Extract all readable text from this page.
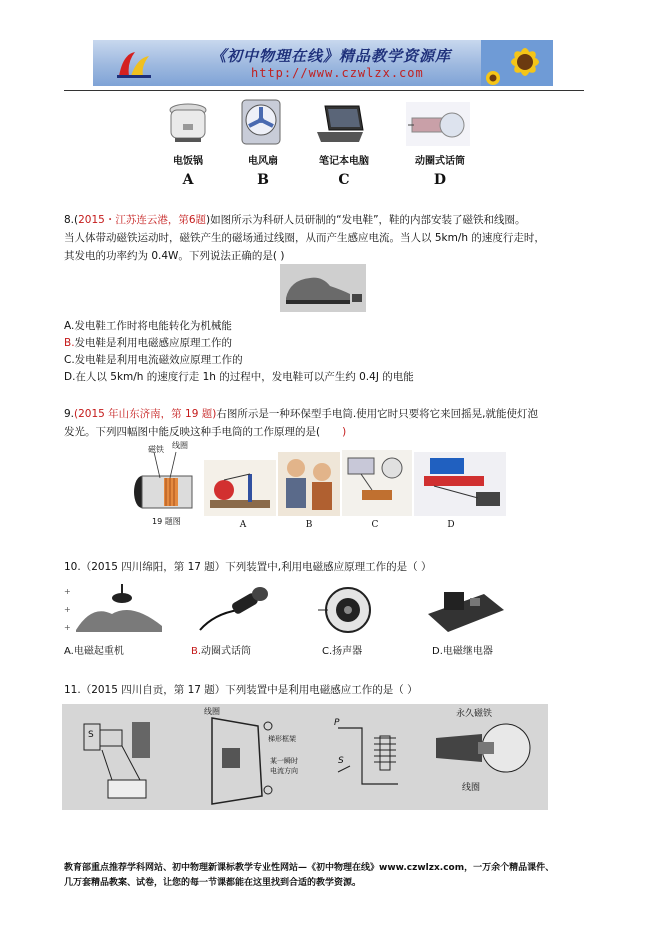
《初中物理在线》精品教学资源库
http://www.czwlzx.com
电饭锅	电风扇	笔记本电脑	动圈式话筒
A	B	C	D
8.(2015・江苏连云港，第6题)如图所示为科研人员研制的“发电鞋”，鞋的内部安装了磁铁和线圈。
当人体带动磁铁运动时，磁铁产生的磁场通过线圈，从而产生感应电流。当人以 5km/h 的速度行走时，
其发电的功率约为 0.4W。下列说法正确的是( )
A.发电鞋工作时将电能转化为机械能
B.发电鞋是利用电磁感应原理工作的
C.发电鞋是利用电流磁效应原理工作的
D.在人以 5km/h 的速度行走 1h 的过程中，发电鞋可以产生约 0.4J 的电能
9.(2015 年山东济南，第 19 题)右图所示是一种环保型手电筒.使用它时只要将它来回摇晃,就能使灯泡
发光。下列四幅图中能反映这种手电筒的工作原理的是( )
磁铁 线圈
19 题图	A	B	C	D
10.（2015 四川绵阳，第 17 题）下列装置中,利用电磁感应原理工作的是（ ）
+
+
+
A.电磁起重机	B.动圈式话筒	C.扬声器	D.电磁继电器
11.（2015 四川自贡，第 17 题）下列装置中是利用电磁感应工作的是（ ）
线圈
梯形框架
某一瞬时
电流方向
P
S
S
永久磁铁
线圈
教育部重点推荐学科网站、初中物理新课标教学专业性网站—《初中物理在线》www.czwlzx.com，一万余个精品课件、
几万套精品教案、试卷，让您的每一节课都能在这里找到合适的教学资源。
